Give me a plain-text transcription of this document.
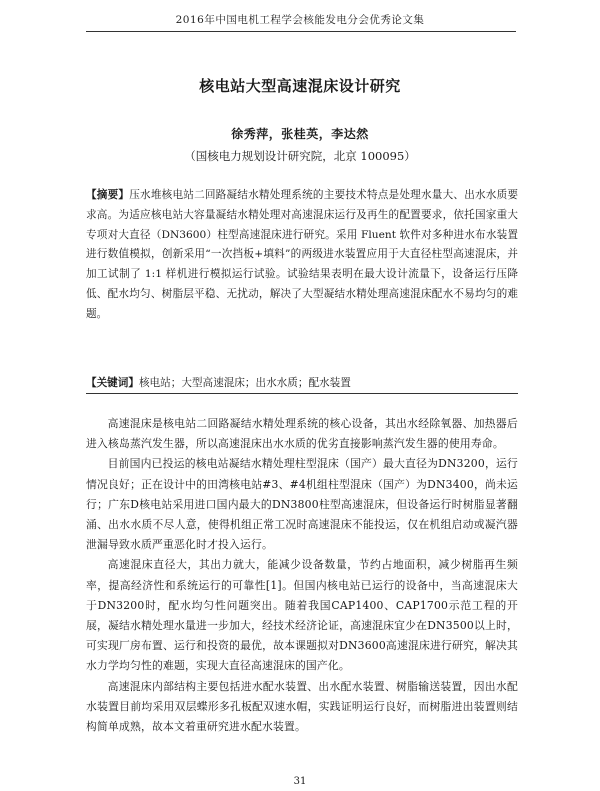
2016年中国电机工程学会核能发电分会优秀论文集
核电站大型高速混床设计研究
徐秀萍，张桂英，李达然
（国核电力规划设计研究院，北京 100095）

【摘要】压水堆核电站二回路凝结水精处理系统的主要技术特点是处理水量大、出水水质要求高。为适应核电站大容量凝结水精处理对高速混床运行及再生的配置要求，依托国家重大专项对大直径（DN3600）柱型高速混床进行研究。采用 Fluent 软件对多种进水布水装置进行数值模拟，创新采用“一次挡板+填料”的两级进水装置应用于大直径柱型高速混床，并加工试制了 1:1 样机进行模拟运行试验。试验结果表明在最大设计流量下，设备运行压降低、配水均匀、树脂层平稳、无扰动，解决了大型凝结水精处理高速混床配水不易均匀的难题。

【关键词】核电站；大型高速混床；出水水质；配水装置

高速混床是核电站二回路凝结水精处理系统的核心设备，其出水经除氧器、加热器后进入核岛蒸汽发生器，所以高速混床出水水质的优劣直接影响蒸汽发生器的使用寿命。

目前国内已投运的核电站凝结水精处理柱型混床（国产）最大直径为DN3200，运行情况良好；正在设计中的田湾核电站#3、#4机组柱型混床（国产）为DN3400，尚未运行；广东D核电站采用进口国内最大的DN3800柱型高速混床，但设备运行时树脂显著翻涌、出水水质不尽人意，使得机组正常工况时高速混床不能投运，仅在机组启动或凝汽器泄漏导致水质严重恶化时才投入运行。

高速混床直径大，其出力就大，能减少设备数量，节约占地面积，减少树脂再生频率，提高经济性和系统运行的可靠性[1]。但国内核电站已运行的设备中，当高速混床大于DN3200时，配水均匀性问题突出。随着我国CAP1400、CAP1700示范工程的开展，凝结水精处理水量进一步加大，经技术经济论证，高速混床宜少在DN3500以上时，可实现厂房布置、运行和投资的最优，故本课题拟对DN3600高速混床进行研究，解决其水力学均匀性的难题，实现大直径高速混床的国产化。

高速混床内部结构主要包括进水配水装置、出水配水装置、树脂输送装置，因出水配水装置目前均采用双层蝶形多孔板配双速水帽，实践证明运行良好，而树脂进出装置则结构简单成熟，故本文着重研究进水配水装置。

31
